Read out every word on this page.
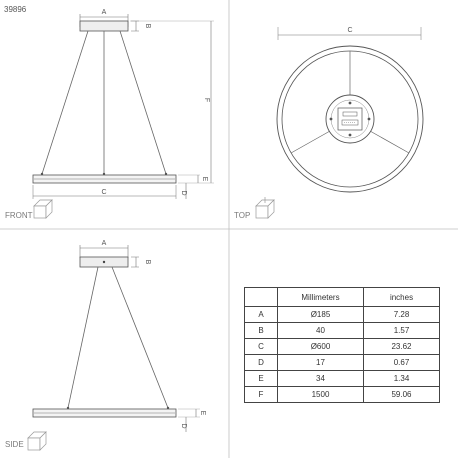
39896	A
B
F
E
D
C
FRONT
C
TOP
A
B
E
D
SIDE
	Millimeters	inches
A	Ø185	7.28
B	40	1.57
C	Ø600	23.62
D	17	0.67
E	34	1.34
F	1500	59.06
